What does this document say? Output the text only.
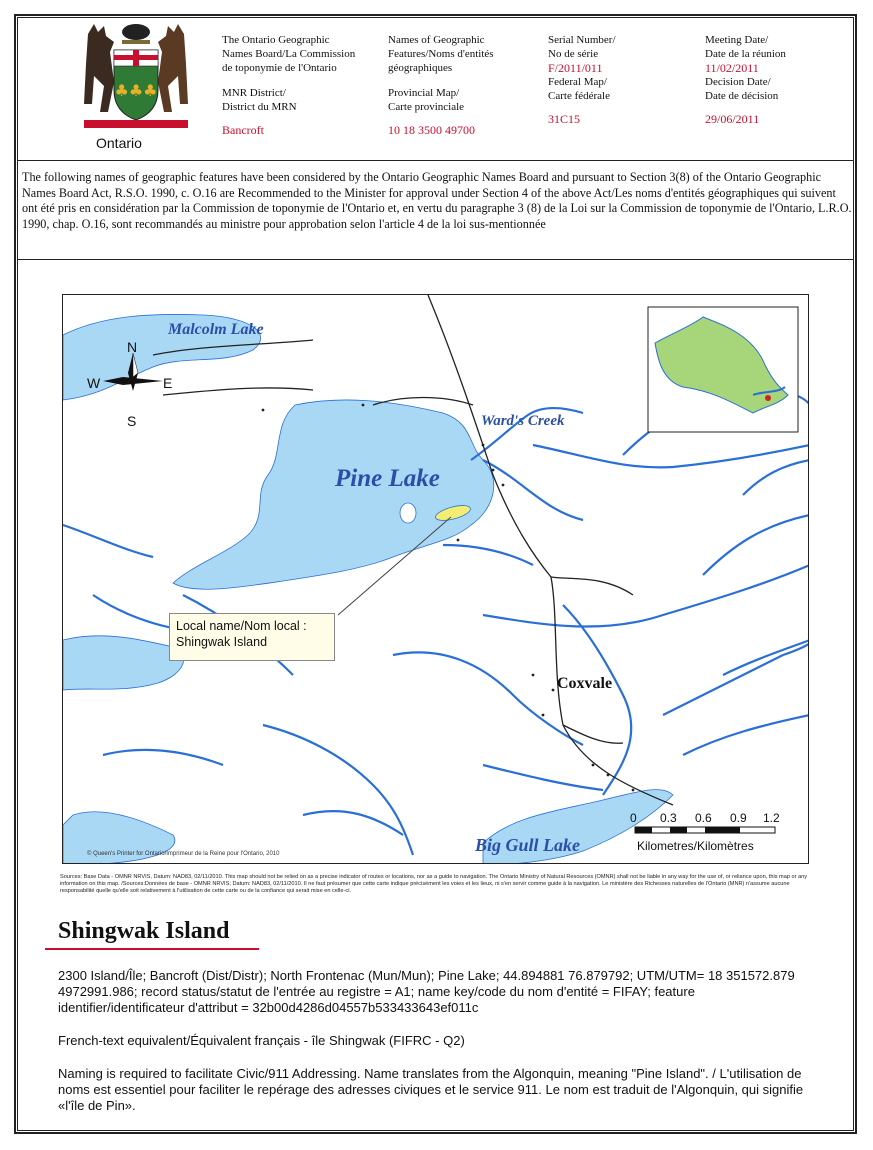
♣♣♣
Ontario
The Ontario Geographic
Names Board/La Commission
de toponymie de l'Ontario
MNR District/
District du MRN
Bancroft
Names of Geographic
Features/Noms d'entités
géographiques
Provincial Map/
Carte provinciale
10 18 3500 49700
Serial Number/
No de série
F/2011/011
Federal Map/
Carte fédérale
31C15
Meeting Date/
Date de la réunion
11/02/2011
Decision Date/
Date de décision
29/06/2011
The following names of geographic features have been considered by the Ontario Geographic Names Board and pursuant to Section 3(8) of the Ontario Geographic Names Board Act, R.S.O. 1990, c. O.16 are Recommended to the Minister for approval under Section 4 of the above Act/Les noms d'entités géographiques qui suivent ont été pris en considération par la Commission de toponymie de l'Ontario et, en vertu du paragraphe 3 (8) de la Loi sur la Commission de toponymie de l'Ontario, L.R.O. 1990, chap. O.16, sont recommandés au ministre pour approbation selon l'article 4 de la loi sus-mentionnée
Malcolm Lake
Ward's Creek
Pine Lake
Coxvale
Big Gull Lake
N
S
E
W
Local name/Nom local :
Shingwak Island
0 0.3 0.6 0.9 1.2
Kilometres/Kilomètres
© Queen's Printer for Ontario/Imprimeur de la Reine pour l'Ontario, 2010
Sources: Base Data - OMNR NRVIS, Datum: NAD83, 02/11/2010. This map should not be relied on as a precise indicator of routes or locations, nor as a guide to navigation. The Ontario Ministry of Natural Resources (OMNR) shall not be liable in any way for the use of, or reliance upon, this map or any information on this map. /Sources:Données de base - OMNR NRVIS; Datum: NAD83, 02/11/2010. Il ne faut présumer que cette carte indique précisément les voies et les lieux, ni s'en servir comme guide à la navigation. Le ministère des Richesses naturelles de l'Ontario (MNR) n'assume aucune responsabilité quelle qu'elle soit relativement à l'utilisation de cette carte ou de la confiance qui serait mise en celle-ci.
Shingwak Island
2300 Island/Île; Bancroft (Dist/Distr); North Frontenac (Mun/Mun); Pine Lake; 44.894881 76.879792; UTM/UTM= 18 351572.879 4972991.986; record status/statut de l'entrée au registre = A1; name key/code du nom d'entité = FIFAY; feature identifier/identificateur d'attribut = 32b00d4286d04557b533433643ef011c
French-text equivalent/Équivalent français - île Shingwak (FIFRC - Q2)
Naming is required to facilitate Civic/911 Addressing. Name translates from the Algonquin, meaning "Pine Island". / L'utilisation de noms est essentiel pour faciliter le repérage des adresses civiques et le service 911. Le nom est traduit de l'Algonquin, qui signifie «l'île de Pin».
